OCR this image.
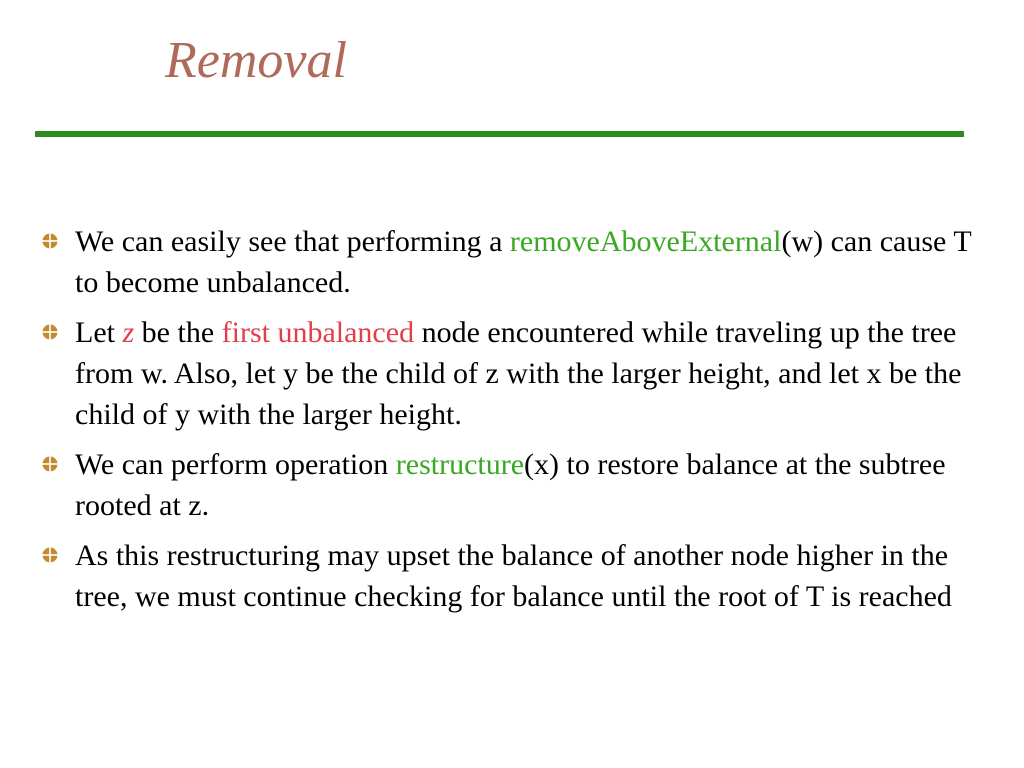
Removal
We can easily see that performing a removeAboveExternal(w) can cause T to become unbalanced.
Let z be the first unbalanced node encountered while traveling up the tree from w. Also, let y be the child of z with the larger height, and let x be the child of y with the larger height.
We can perform operation restructure(x) to restore balance at the subtree rooted at z.
As this restructuring may upset the balance of another node higher in the tree, we must continue checking for balance until the root of T is reached
